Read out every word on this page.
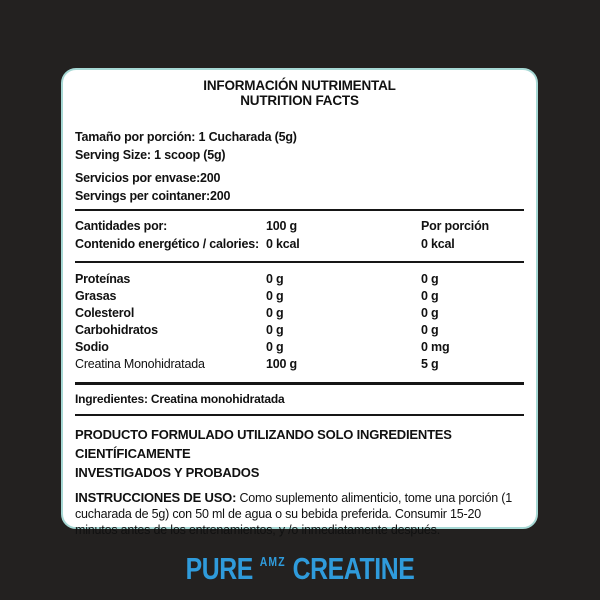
INFORMACIÓN NUTRIMENTAL
NUTRITION FACTS
Tamaño por porción: 1 Cucharada (5g)
Serving Size: 1 scoop (5g)
Servicios por envase:200
Servings per cointaner:200
Cantidades por:	100 g	Por porción
Contenido energético / calories: 0 kcal	0 kcal
Proteínas	0 g	0 g
Grasas	0 g	0 g
Colesterol	0 g	0 g
Carbohidratos	0 g	0 g
Sodio	0 g	0 mg
Creatina Monohidratada	100 g	5 g
Ingredientes: Creatina monohidratada
PRODUCTO FORMULADO UTILIZANDO SOLO INGREDIENTES CIENTÍFICAMENTE
INVESTIGADOS Y PROBADOS
INSTRUCCIONES DE USO: Como suplemento alimenticio, tome una porción (1 cucharada de 5g) con 50 ml de agua o su bebida preferida. Consumir 15-20 minutos antes de los entrenamientos, y /o inmediatamente después.
PURE $^{AMZ}$ CREATINE
